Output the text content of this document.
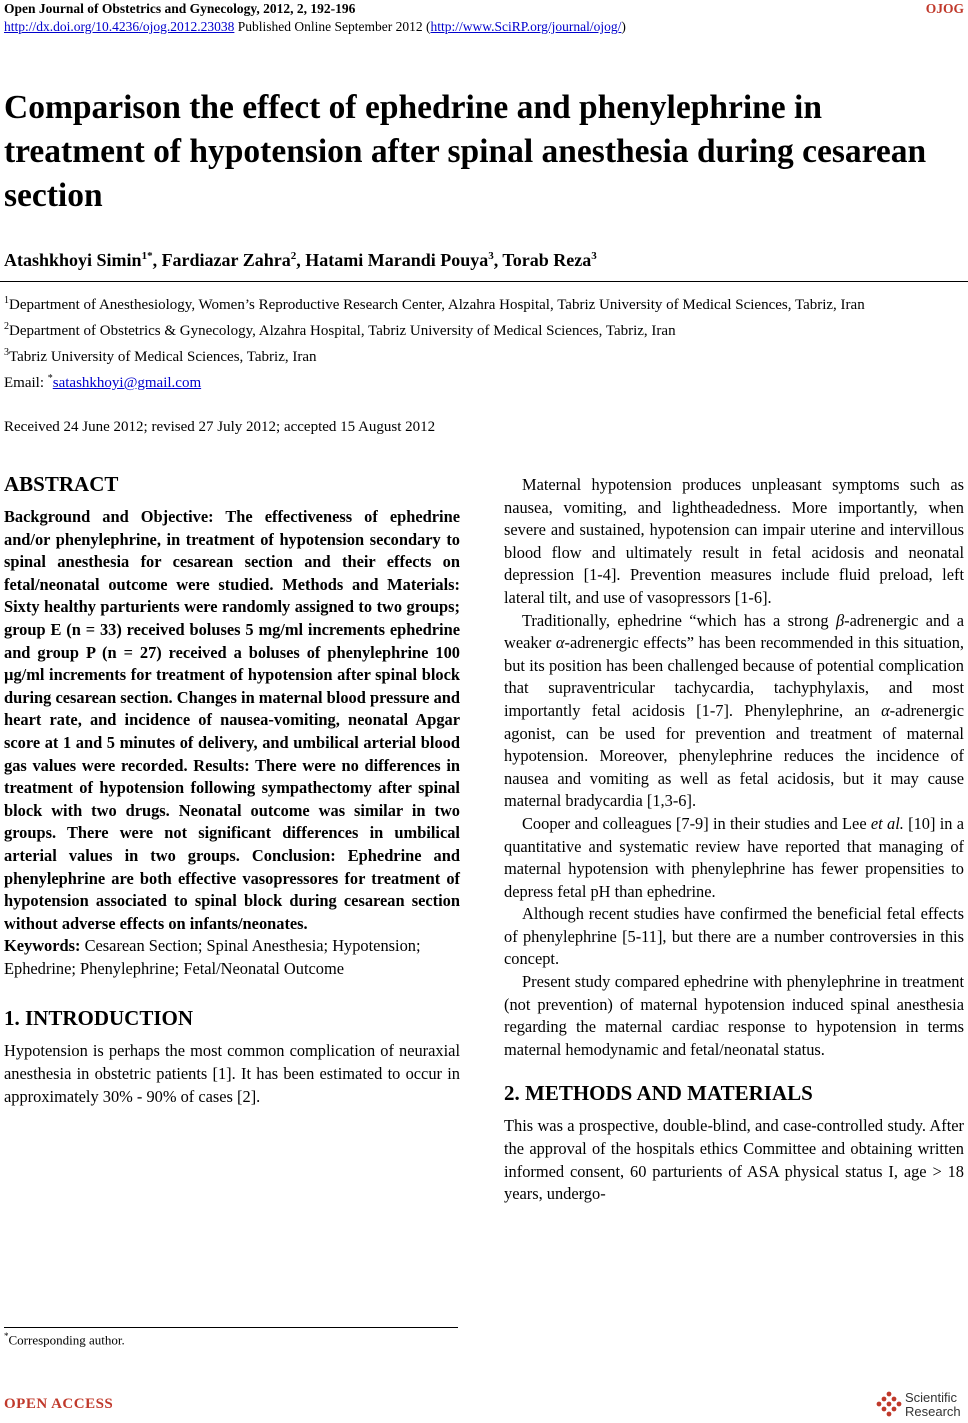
Open Journal of Obstetrics and Gynecology, 2012, 2, 192-196	OJOG
http://dx.doi.org/10.4236/ojog.2012.23038 Published Online September 2012 (http://www.SciRP.org/journal/ojog/)
Comparison the effect of ephedrine and phenylephrine in treatment of hypotension after spinal anesthesia during cesarean section
Atashkhoyi Simin$^{1*}$, Fardiazar Zahra$^2$, Hatami Marandi Pouya$^3$, Torab Reza$^3$

$^1$Department of Anesthesiology, Women’s Reproductive Research Center, Alzahra Hospital, Tabriz University of Medical Sciences, Tabriz, Iran

$^2$Department of Obstetrics & Gynecology, Alzahra Hospital, Tabriz University of Medical Sciences, Tabriz, Iran

$^3$Tabriz University of Medical Sciences, Tabriz, Iran

Email: *satashkhoyi@gmail.com

Received 24 June 2012; revised 27 July 2012; accepted 15 August 2012
ABSTRACT

Background and Objective: The effectiveness of ephedrine and/or phenylephrine, in treatment of hypotension secondary to spinal anesthesia for cesarean section and their effects on fetal/neonatal outcome were studied. Methods and Materials: Sixty healthy parturients were randomly assigned to two groups; group E (n = 33) received boluses 5 mg/ml increments ephedrine and group P (n = 27) received a boluses of phenylephrine 100 µg/ml increments for treatment of hypotension after spinal block during cesarean section. Changes in maternal blood pressure and heart rate, and incidence of nausea-vomiting, neonatal Apgar score at 1 and 5 minutes of delivery, and umbilical arterial blood gas values were recorded. Results: There were no differences in treatment of hypotension following sympathectomy after spinal block with two drugs. Neonatal outcome was similar in two groups. There were not significant differences in umbilical arterial values in two groups. Conclusion: Ephedrine and phenylephrine are both effective vasopressores for treatment of hypotension associated to spinal block during cesarean section without adverse effects on infants/neonates.

Keywords: Cesarean Section; Spinal Anesthesia; Hypotension; Ephedrine; Phenylephrine; Fetal/Neonatal Outcome

1. INTRODUCTION

Hypotension is perhaps the most common complication of neuraxial anesthesia in obstetric patients [1]. It has been estimated to occur in approximately 30% - 90% of cases [2].

Maternal hypotension produces unpleasant symptoms such as nausea, vomiting, and lightheadedness. More importantly, when severe and sustained, hypotension can impair uterine and intervillous blood flow and ultimately result in fetal acidosis and neonatal depression [1-4]. Prevention measures include fluid preload, left lateral tilt, and use of vasopressors [1-6].

Traditionally, ephedrine “which has a strong β-adrenergic and a weaker α-adrenergic effects” has been recommended in this situation, but its position has been challenged because of potential complication that supraventricular tachycardia, tachyphylaxis, and most importantly fetal acidosis [1-7]. Phenylephrine, an α-adrenergic agonist, can be used for prevention and treatment of maternal hypotension. Moreover, phenylephrine reduces the incidence of nausea and vomiting as well as fetal acidosis, but it may cause maternal bradycardia [1,3-6].

Cooper and colleagues [7-9] in their studies and Lee et al. [10] in a quantitative and systematic review have reported that managing of maternal hypotension with phenylephrine has fewer propensities to depress fetal pH than ephedrine.

Although recent studies have confirmed the beneficial fetal effects of phenylephrine [5-11], but there are a number controversies in this concept.

Present study compared ephedrine with phenylephrine in treatment (not prevention) of maternal hypotension induced spinal anesthesia regarding the maternal cardiac response to hypotension in terms maternal hemodynamic and fetal/neonatal status.

2. METHODS AND MATERIALS

This was a prospective, double-blind, and case-controlled study. After the approval of the hospitals ethics Committee and obtaining written informed consent, 60 parturients of ASA physical status I, age > 18 years, undergo-

*Corresponding author.
OPEN ACCESS	Scientific
Research
